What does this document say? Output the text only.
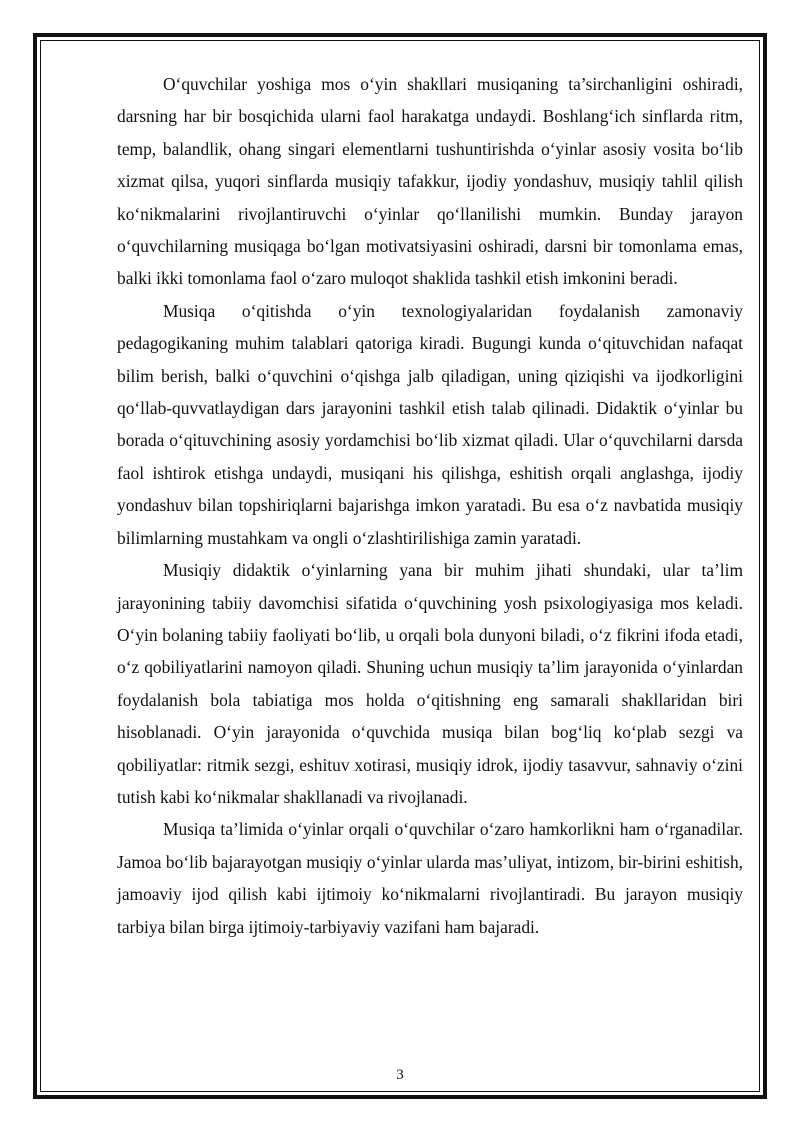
O‘quvchilar yoshiga mos o‘yin shakllari musiqaning ta’sirchanligini oshiradi, darsning har bir bosqichida ularni faol harakatga undaydi. Boshlang‘ich sinflarda ritm, temp, balandlik, ohang singari elementlarni tushuntirishda o‘yinlar asosiy vosita bo‘lib xizmat qilsa, yuqori sinflarda musiqiy tafakkur, ijodiy yondashuv, musiqiy tahlil qilish ko‘nikmalarini rivojlantiruvchi o‘yinlar qo‘llanilishi mumkin. Bunday jarayon o‘quvchilarning musiqaga bo‘lgan motivatsiyasini oshiradi, darsni bir tomonlama emas, balki ikki tomonlama faol o‘zaro muloqot shaklida tashkil etish imkonini beradi.

Musiqa o‘qitishda o‘yin texnologiyalaridan foydalanish zamonaviy pedagogikaning muhim talablari qatoriga kiradi. Bugungi kunda o‘qituvchidan nafaqat bilim berish, balki o‘quvchini o‘qishga jalb qiladigan, uning qiziqishi va ijodkorligini qo‘llab-quvvatlaydigan dars jarayonini tashkil etish talab qilinadi. Didaktik o‘yinlar bu borada o‘qituvchining asosiy yordamchisi bo‘lib xizmat qiladi. Ular o‘quvchilarni darsda faol ishtirok etishga undaydi, musiqani his qilishga, eshitish orqali anglashga, ijodiy yondashuv bilan topshiriqlarni bajarishga imkon yaratadi. Bu esa o‘z navbatida musiqiy bilimlarning mustahkam va ongli o‘zlashtirilishiga zamin yaratadi.

Musiqiy didaktik o‘yinlarning yana bir muhim jihati shundaki, ular ta’lim jarayonining tabiiy davomchisi sifatida o‘quvchining yosh psixologiyasiga mos keladi. O‘yin bolaning tabiiy faoliyati bo‘lib, u orqali bola dunyoni biladi, o‘z fikrini ifoda etadi, o‘z qobiliyatlarini namoyon qiladi. Shuning uchun musiqiy ta’lim jarayonida o‘yinlardan foydalanish bola tabiatiga mos holda o‘qitishning eng samarali shakllaridan biri hisoblanadi. O‘yin jarayonida o‘quvchida musiqa bilan bog‘liq ko‘plab sezgi va qobiliyatlar: ritmik sezgi, eshituv xotirasi, musiqiy idrok, ijodiy tasavvur, sahnaviy o‘zini tutish kabi ko‘nikmalar shakllanadi va rivojlanadi.

Musiqa ta’limida o‘yinlar orqali o‘quvchilar o‘zaro hamkorlikni ham o‘rganadilar. Jamoa bo‘lib bajarayotgan musiqiy o‘yinlar ularda mas’uliyat, intizom, bir-birini eshitish, jamoaviy ijod qilish kabi ijtimoiy ko‘nikmalarni rivojlantiradi. Bu jarayon musiqiy tarbiya bilan birga ijtimoiy-tarbiyaviy vazifani ham bajaradi.

3
